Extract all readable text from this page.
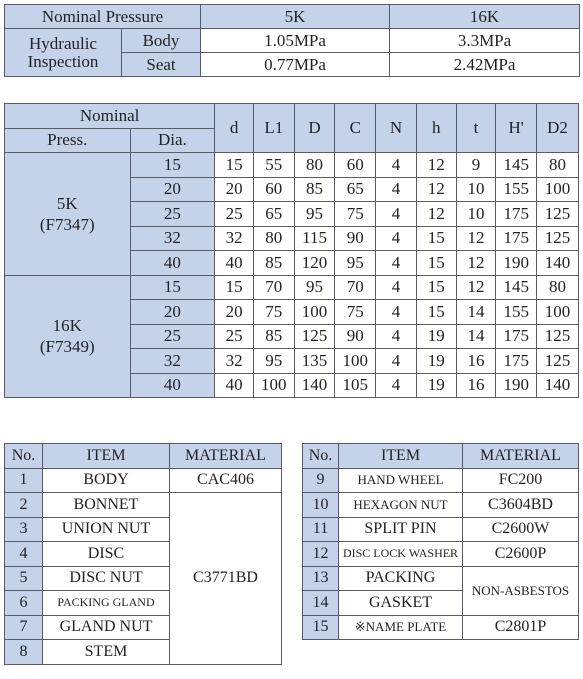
Nominal Pressure		5K	16K
Hydraulic
Inspection	Body	1.05MPa	3.3MPa
	Seat	0.77MPa	2.42MPa
Nominal		d	L1	D	C	N	h	t	H'	D2
Press.	Dia.									
5K
(F7347)	15	15	55	80	60	4	12	9	145	80
	20	20	60	85	65	4	12	10	155	100
	25	25	65	95	75	4	12	10	175	125
	32	32	80	115	90	4	15	12	175	125
	40	40	85	120	95	4	15	12	190	140
16K
(F7349)	15	15	70	95	70	4	15	12	145	80
	20	20	75	100	75	4	15	14	155	100
	25	25	85	125	90	4	19	14	175	125
	32	32	95	135	100	4	19	16	175	125
	40	40	100	140	105	4	19	16	190	140
No.	ITEM	MATERIAL
1	BODY	CAC406
2	BONNET	C3771BD
3	UNION NUT	
4	DISC	
5	DISC NUT	
6	PACKING GLAND	
7	GLAND NUT	
8	STEM	
No.	ITEM	MATERIAL
9	HAND WHEEL	FC200
10	HEXAGON NUT	C3604BD
11	SPLIT PIN	C2600W
12	DISC LOCK WASHER	C2600P
13	PACKING	NON-ASBESTOS
14	GASKET	
15	※NAME PLATE	C2801P
